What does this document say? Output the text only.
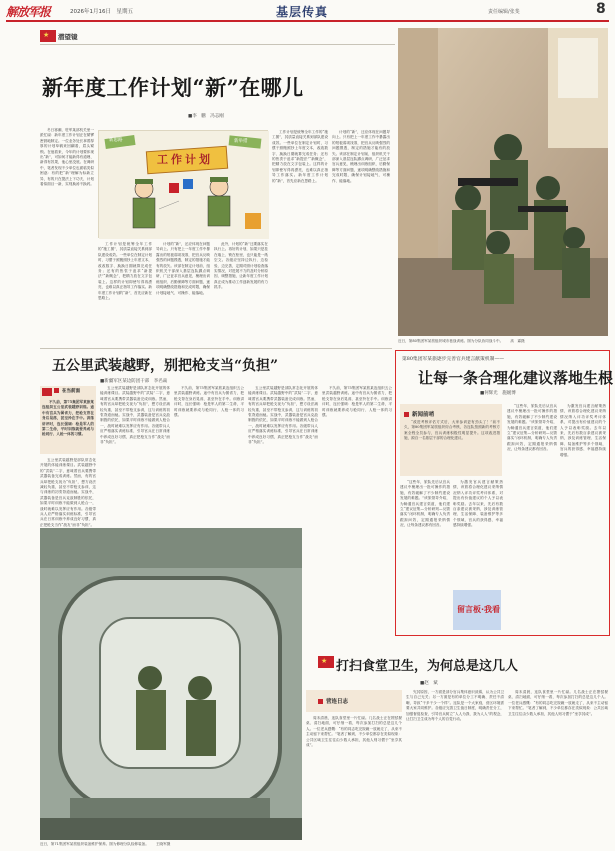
解放军报	2026年1月16日　星期五	基层传真	责任编辑/张斐	8
★
潜望镜
新年度工作计划“新”在哪儿
■李　鹏　冯志刚

冬日寒潮，驻军某部机关里一派忙碌：新年度工作计划正在紧锣密鼓地制定。一位业务处长拿着厚厚的计划草稿来回翻看，眉头紧锁。在他看来，今年的计划要体现出“新”，可如何才能新得有道理、新得有效果，他心里没底。在调研中，笔者发现不少单位也面临类似困惑：有的把“新”理解为标新立异，有的只在提法上下功夫，计划看似面目一新，实则换汤不换药。

工作计划
新思路	新举措

工作计划是统筹全年工作的“施工图”，其质量直接关系到部队建设成效。一些单位在制定计划时，习惯于照搬照抄上年度文本，改改数字、换换日期就算完成任务；还有的热衷于追求“新提法”“新概念”，把精力放在文字包装上。这样的计划即使写得再漂亮，也难以真正指导工作落实。新年度工作计划的“新”，首先应新在思路上。

计划的“新”，还应体现在问题导向上。只有把上一年度工作中暴露出的短板弱项找准，把官兵反映强烈的问题摸透，制定的措施才能有的放矢。该部在制定计划前，组织机关干部深入基层连队蹲点调研，广泛征求官兵意见，梳理出训练组织、后勤保障等方面问题，逐项明确整改措施和完成时限，确保计划接地气、可操作、能落地。

此外，计划的“新”还要落实在执行上。再好的计划，如果只是挂在墙上、锁在柜里，也只能是一纸空文。各级应坚持边执行、边检验、边完善，定期对照计划检查落实情况，对进展不力的及时分析原因、调整措施，让新年度工作计划真正成为推动工作创新发展的有力抓手。

工作计划是统筹全年工作的“施工图”，其质量直接关系到部队建设成效。一些单位在制定计划时，习惯于照搬照抄上年度文本，改改数字、换换日期就算完成任务；还有的热衷于追求“新提法”“新概念”，把精力放在文字包装上。这样的计划即使写得再漂亮，也难以真正指导工作落实。新年度工作计划的“新”，首先应新在思路上。

计划的“新”，还应体现在问题导向上。只有把上一年度工作中暴露出的短板弱项找准，把官兵反映强烈的问题摸透，制定的措施才能有的放矢。该部在制定计划前，组织机关干部深入基层连队蹲点调研，广泛征求官兵意见，梳理出训练组织、后勤保障等方面问题，逐项明确整改措施和完成时限，确保计划接地气、可操作、能落地。

近日，第80集团军某旅组织城市巷战训练。图为分队协同战斗中。 高　霖摄
第80集团军某旅逐步完善官兵建言献策机制——
让每一条合理化建议落地生根
■何辉光　施媛博
新闻前哨

“改进考核评估方式后，大家参训更有劲头了！”前不久，第80集团军某旅组织综合考核，各连队按照新的考核方案全程全员参与，官兵训练积极性明显提升。这项改进措施，源自一名基层干部的合理化建议。

“这些年，旅队先后从官兵建议中梳理出一批可操作的措施，有效破解了不少制约建设发展的难题。”该旅领导介绍，为畅通官兵建言渠道，他们建立“建议征集—分析研判—反馈落实”闭环机制，明确专人负责跟踪问效，定期通报采纳情况，让每条建议都有回音。

为激发官兵建言献策热情，该旅将合理化建议采纳情况纳入评功评奖考评体系，对提出有价值建议的个人予以表彰奖励。去年以来，先后有数百条建议被采纳，涉及训练管理、生活保障、装备维护等多个领域，官兵的获得感、幸福感持续增强。

留言板·我看

“这些年，旅队先后从官兵建议中梳理出一批可操作的措施，有效破解了不少制约建设发展的难题。”该旅领导介绍，为畅通官兵建言渠道，他们建立“建议征集—分析研判—反馈落实”闭环机制，明确专人负责跟踪问效，定期通报采纳情况，让每条建议都有回音。

为激发官兵建言献策热情，该旅将合理化建议采纳情况纳入评功评奖考评体系，对提出有价值建议的个人予以表彰奖励。去年以来，先后有数百条建议被采纳，涉及训练管理、生活保障、装备维护等多个领域，官兵的获得感、幸福感持续增强。

五公里武装越野，别把枪支当“负担”
■新疆军区某边防团干部　李名焱
在当前面

不久前，第75集团军某旅某连组织五公里武装越野训练。途中有官兵为图省力，把枪支背在身后晃荡，甚至拎在手中。训练讲评时，连长强调：枪是军人的第二生命，平时训练就要养成与枪同行、人枪一体的习惯。

五公里武装越野是部队常态化开展的体能训练课目。武装越野中的“武装”二字，意味着官兵要携带武器装备完成训练。然而，有的官兵却把枪支视为“负担”，想方设法减轻负重，甚至不带枪支参训，这与训练的初衷背道而驰。实战中，武器装备是官兵克敌制胜的依托，如果平时训练不能做到人枪合一，战时就难以发挥应有作用。各级带兵人应严格落实训练标准，引导官兵在日常训练中养成良好习惯，真正把枪支当作“战友”而非“负担”。

五公里武装越野是部队常态化开展的体能训练课目。武装越野中的“武装”二字，意味着官兵要携带武器装备完成训练。然而，有的官兵却把枪支视为“负担”，想方设法减轻负重，甚至不带枪支参训，这与训练的初衷背道而驰。实战中，武器装备是官兵克敌制胜的依托，如果平时训练不能做到人枪合一，战时就难以发挥应有作用。各级带兵人应严格落实训练标准，引导官兵在日常训练中养成良好习惯，真正把枪支当作“战友”而非“负担”。

不久前，第75集团军某旅某连组织五公里武装越野训练。途中有官兵为图省力，把枪支背在身后晃荡，甚至拎在手中。训练讲评时，连长强调：枪是军人的第二生命，平时训练就要养成与枪同行、人枪一体的习惯。

五公里武装越野是部队常态化开展的体能训练课目。武装越野中的“武装”二字，意味着官兵要携带武器装备完成训练。然而，有的官兵却把枪支视为“负担”，想方设法减轻负重，甚至不带枪支参训，这与训练的初衷背道而驰。实战中，武器装备是官兵克敌制胜的依托，如果平时训练不能做到人枪合一，战时就难以发挥应有作用。各级带兵人应严格落实训练标准，引导官兵在日常训练中养成良好习惯，真正把枪支当作“战友”而非“负担”。

不久前，第75集团军某旅某连组织五公里武装越野训练。途中有官兵为图省力，把枪支背在身后晃荡，甚至拎在手中。训练讲评时，连长强调：枪是军人的第二生命，平时训练就要养成与枪同行、人枪一体的习惯。

近日，第71集团军某旅组织装备维护保养。图为修理分队检修装备。 王晓军摄
★
打扫食堂卫生，为何总是这几人
■赵　斌
营连日志

周末清晨，连队食堂里一片忙碌。几名战士正在擦拭餐桌、清扫地面，可仔细一看，每次参加打扫的总是这几个人。一位老兵感慨：“有的同志吃完饭碗一放就走了，从来不主动留下来帮忙。”笔者了解到，不少单位都存在类似现象：公共区域卫生往往由少数人承担，其他人则习惯于“坐享其成”。

究其原因，一方面是部分官兵集体意识淡薄，认为公共卫生与自己无关；另一方面是有的单位分工不明确、责任不清晰，导致“干多干少一个样”。连队是一个大家庭，营区环境需要大家共同维护。各级应完善卫生值日制度，明确责任分工，加强督促检查，引导官兵树立“人人为我、我为人人”的观念，让打扫卫生成为每个人的自觉行动。

周末清晨，连队食堂里一片忙碌。几名战士正在擦拭餐桌、清扫地面，可仔细一看，每次参加打扫的总是这几个人。一位老兵感慨：“有的同志吃完饭碗一放就走了，从来不主动留下来帮忙。”笔者了解到，不少单位都存在类似现象：公共区域卫生往往由少数人承担，其他人则习惯于“坐享其成”。
